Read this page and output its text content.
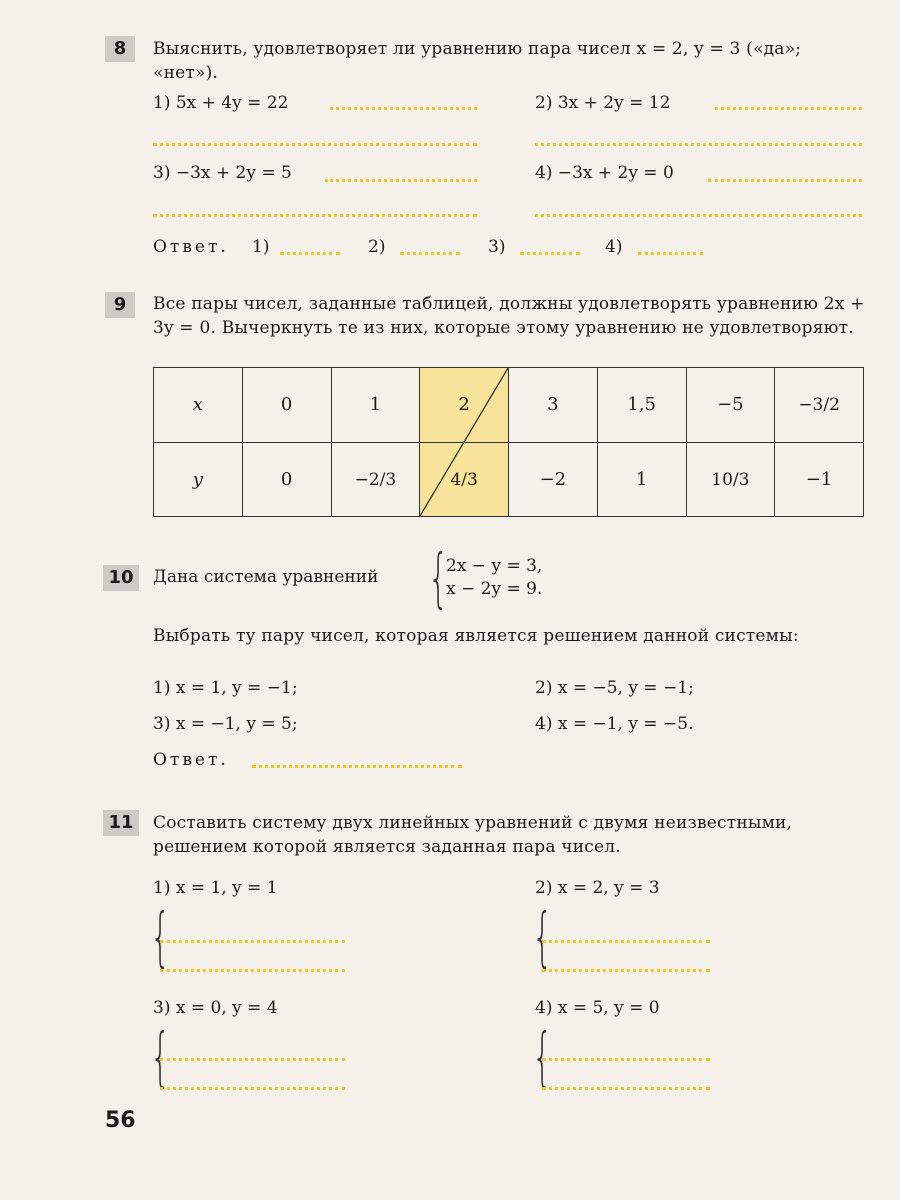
8	Выяснить, удовлетворяет ли уравнению пара чисел x = 2, y = 3 («да»; «нет»).
1) 5x + 4y = 22	2) 3x + 2y = 12
3) −3x + 2y = 5	4) −3x + 2y = 0
Ответ. 1)	2)	3)	4)
9	Все пары чисел, заданные таблицей, должны удовлетворять уравнению 2x + 3y = 0. Вычеркнуть те из них, которые этому уравнению не удовлетворяют.
x	0	1	2	3	1,5	−5	−3/2
y	0	−2/3	4/3	−2	1	10/3	−1
10	Дана система уравнений {
2x − y = 3,
x − 2y = 9.
Выбрать ту пару чисел, которая является решением данной системы:
1) x = 1, y = −1;	2) x = −5, y = −1;
3) x = −1, y = 5;	4) x = −1, y = −5.
Ответ.
11	Составить систему двух линейных уравнений с двумя неизвестными, решением которой является заданная пара чисел.
1) x = 1, y = 1	2) x = 2, y = 3
{	{
3) x = 0, y = 4	4) x = 5, y = 0
{	{
56
